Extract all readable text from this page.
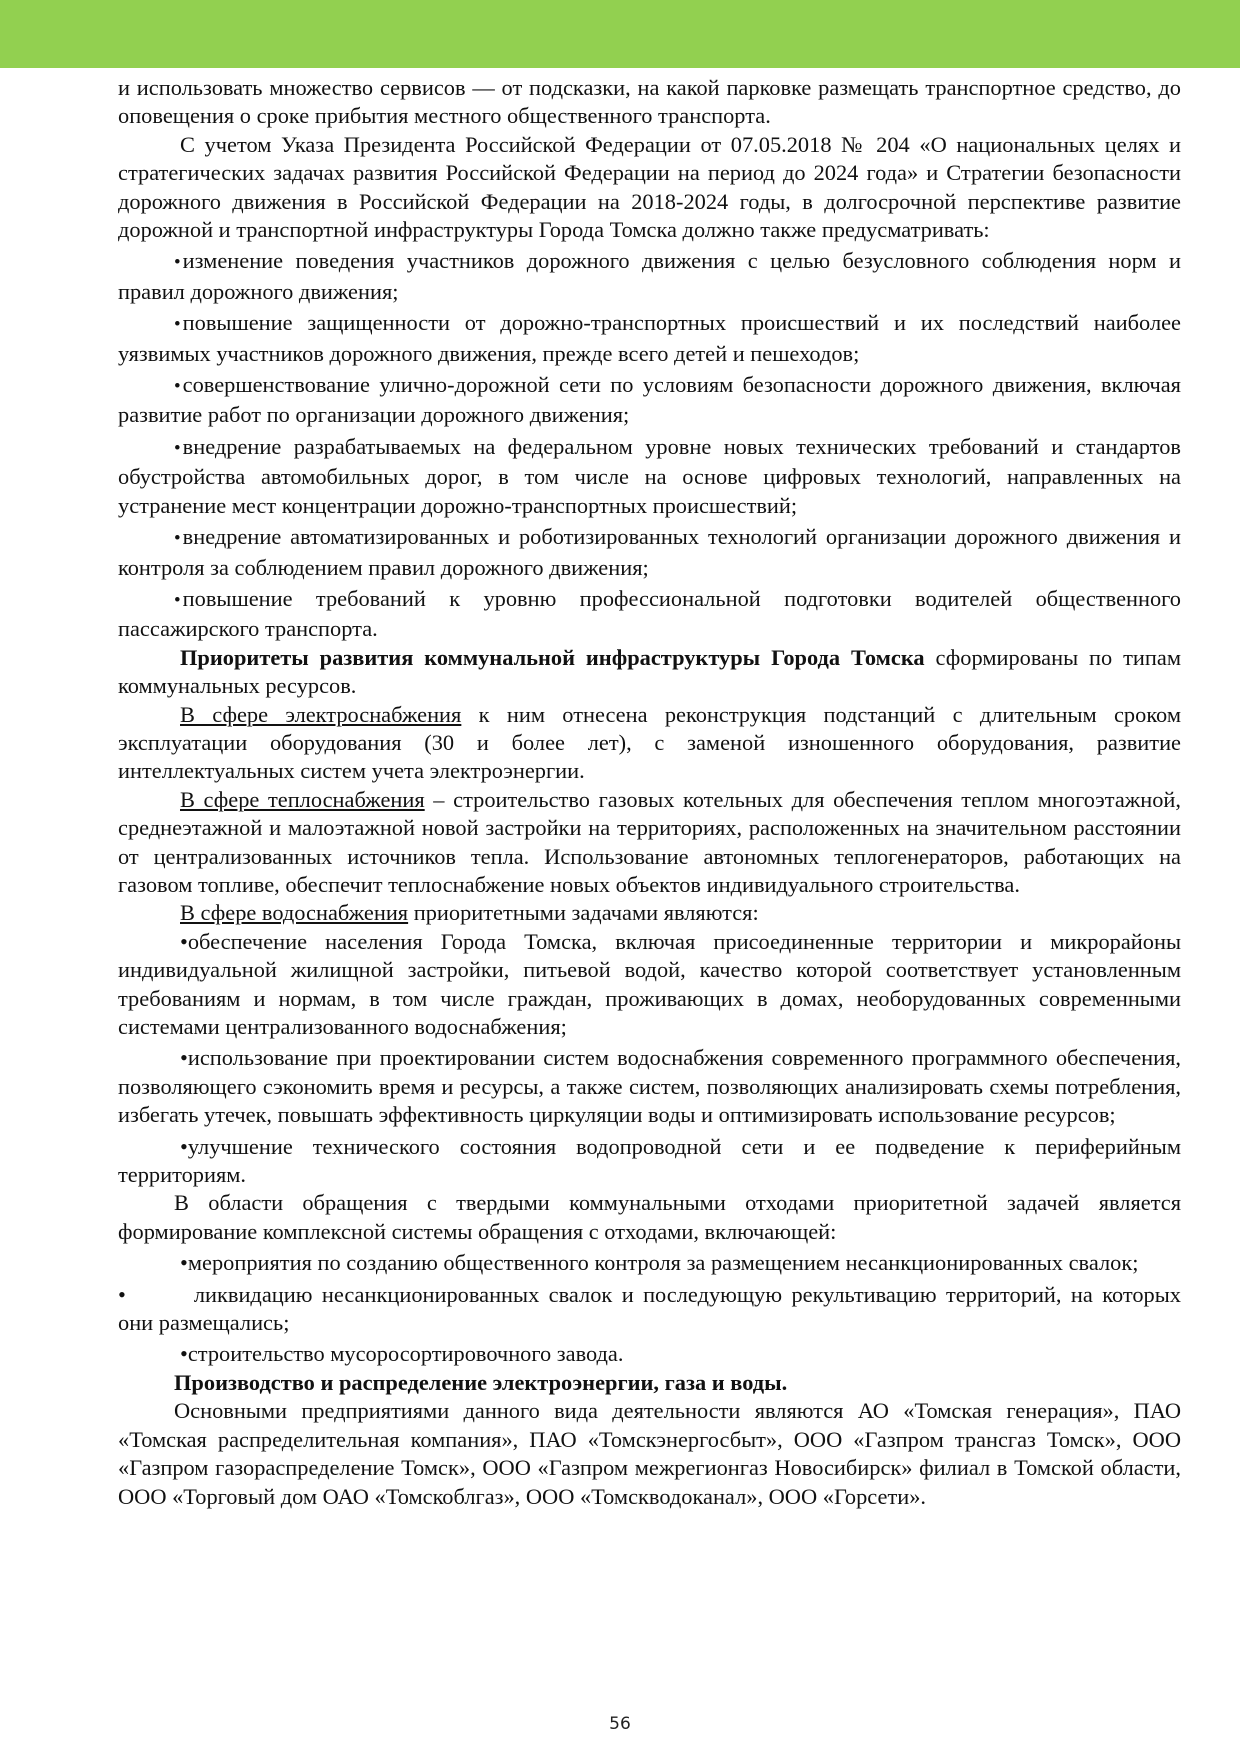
и использовать множество сервисов — от подсказки, на какой парковке размещать транспортное средство, до оповещения о сроке прибытия местного общественного транспорта.

С учетом Указа Президента Российской Федерации от 07.05.2018 № 204 «О национальных целях и стратегических задачах развития Российской Федерации на период до 2024 года» и Стратегии безопасности дорожного движения в Российской Федерации на 2018-2024 годы, в долгосрочной перспективе развитие дорожной и транспортной инфраструктуры Города Томска должно также предусматривать:

•изменение поведения участников дорожного движения с целью безусловного соблюдения норм и правил дорожного движения;

•повышение защищенности от дорожно-транспортных происшествий и их последствий наиболее уязвимых участников дорожного движения, прежде всего детей и пешеходов;

•совершенствование улично-дорожной сети по условиям безопасности дорожного движения, включая развитие работ по организации дорожного движения;

•внедрение разрабатываемых на федеральном уровне новых технических требований и стандартов обустройства автомобильных дорог, в том числе на основе цифровых технологий, направленных на устранение мест концентрации дорожно-транспортных происшествий;

•внедрение автоматизированных и роботизированных технологий организации дорожного движения и контроля за соблюдением правил дорожного движения;

•повышение требований к уровню профессиональной подготовки водителей общественного пассажирского транспорта.

Приоритеты развития коммунальной инфраструктуры Города Томска сформированы по типам коммунальных ресурсов.

В сфере электроснабжения к ним отнесена реконструкция подстанций с длительным сроком эксплуатации оборудования (30 и более лет), с заменой изношенного оборудования, развитие интеллектуальных систем учета электроэнергии.

В сфере теплоснабжения – строительство газовых котельных для обеспечения теплом многоэтажной, среднеэтажной и малоэтажной новой застройки на территориях, расположенных на значительном расстоянии от централизованных источников тепла. Использование автономных теплогенераторов, работающих на газовом топливе, обеспечит теплоснабжение новых объектов индивидуального строительства.

В сфере водоснабжения приоритетными задачами являются:

•обеспечение населения Города Томска, включая присоединенные территории и микрорайоны индивидуальной жилищной застройки, питьевой водой, качество которой соответствует установленным требованиям и нормам, в том числе граждан, проживающих в домах, необорудованных современными системами централизованного водоснабжения;

•использование при проектировании систем водоснабжения современного программного обеспечения, позволяющего сэкономить время и ресурсы, а также систем, позволяющих анализировать схемы потребления, избегать утечек, повышать эффективность циркуляции воды и оптимизировать использование ресурсов;

•улучшение технического состояния водопроводной сети и ее подведение к периферийным территориям.

В области обращения с твердыми коммунальными отходами приоритетной задачей является формирование комплексной системы обращения с отходами, включающей:

•мероприятия по созданию общественного контроля за размещением несанкционированных свалок;

•	ликвидацию несанкционированных свалок и последующую рекультивацию территорий, на которых они размещались;

•строительство мусоросортировочного завода.

Производство и распределение электроэнергии, газа и воды.

Основными предприятиями данного вида деятельности являются АО «Томская генерация», ПАО «Томская распределительная компания», ПАО «Томскэнергосбыт», ООО «Газпром трансгаз Томск», ООО «Газпром газораспределение Томск», ООО «Газпром межрегионгаз Новосибирск» филиал в Томской области, ООО «Торговый дом ОАО «Томскоблгаз», ООО «Томскводоканал», ООО «Горсети».

56
